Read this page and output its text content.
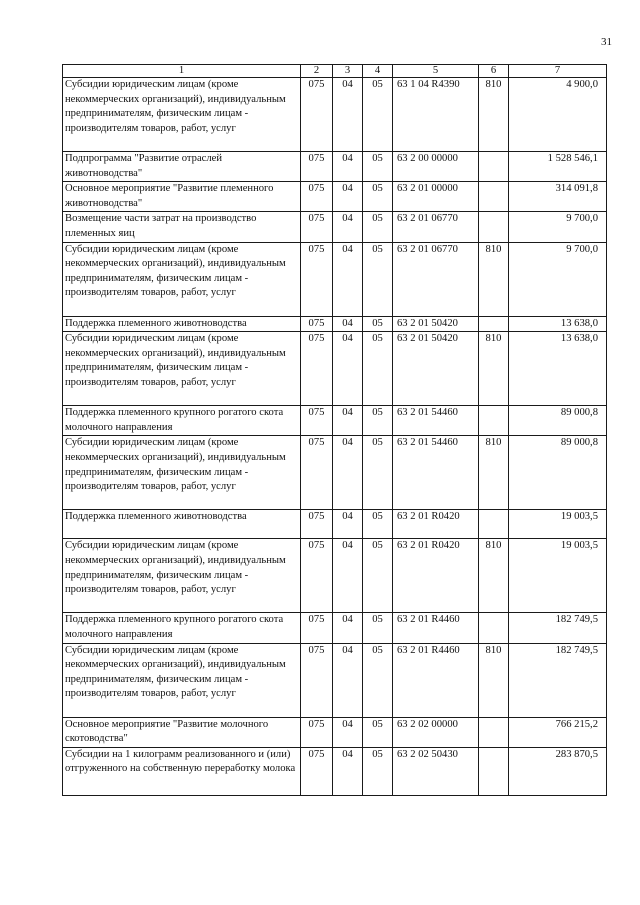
31
1	2	3	4	5	6	7
Субсидии юридическим лицам (кроме некоммерческих организаций), индивидуальным предпринимателям, физическим лицам - производителям товаров, работ, услуг	075	04	05	63 1 04 R4390	810	4 900,0
Подпрограмма "Развитие отраслей животноводства"	075	04	05	63 2 00 00000		1 528 546,1
Основное мероприятие "Развитие племенного животноводства"	075	04	05	63 2 01 00000		314 091,8
Возмещение части затрат на производство племенных яиц	075	04	05	63 2 01 06770		9 700,0
Субсидии юридическим лицам (кроме некоммерческих организаций), индивидуальным предпринимателям, физическим лицам - производителям товаров, работ, услуг	075	04	05	63 2 01 06770	810	9 700,0
Поддержка племенного животноводства	075	04	05	63 2 01 50420		13 638,0
Субсидии юридическим лицам (кроме некоммерческих организаций), индивидуальным предпринимателям, физическим лицам - производителям товаров, работ, услуг	075	04	05	63 2 01 50420	810	13 638,0
Поддержка племенного крупного рогатого скота молочного направления	075	04	05	63 2 01 54460		89 000,8
Субсидии юридическим лицам (кроме некоммерческих организаций), индивидуальным предпринимателям, физическим лицам - производителям товаров, работ, услуг	075	04	05	63 2 01 54460	810	89 000,8
Поддержка племенного животноводства	075	04	05	63 2 01 R0420		19 003,5
Субсидии юридическим лицам (кроме некоммерческих организаций), индивидуальным предпринимателям, физическим лицам - производителям товаров, работ, услуг	075	04	05	63 2 01 R0420	810	19 003,5
Поддержка племенного крупного рогатого скота молочного направления	075	04	05	63 2 01 R4460		182 749,5
Субсидии юридическим лицам (кроме некоммерческих организаций), индивидуальным предпринимателям, физическим лицам - производителям товаров, работ, услуг	075	04	05	63 2 01 R4460	810	182 749,5
Основное мероприятие "Развитие молочного скотоводства"	075	04	05	63 2 02 00000		766 215,2
Субсидии на 1 килограмм реализованного и (или) отгруженного на собственную переработку молока	075	04	05	63 2 02 50430		283 870,5
